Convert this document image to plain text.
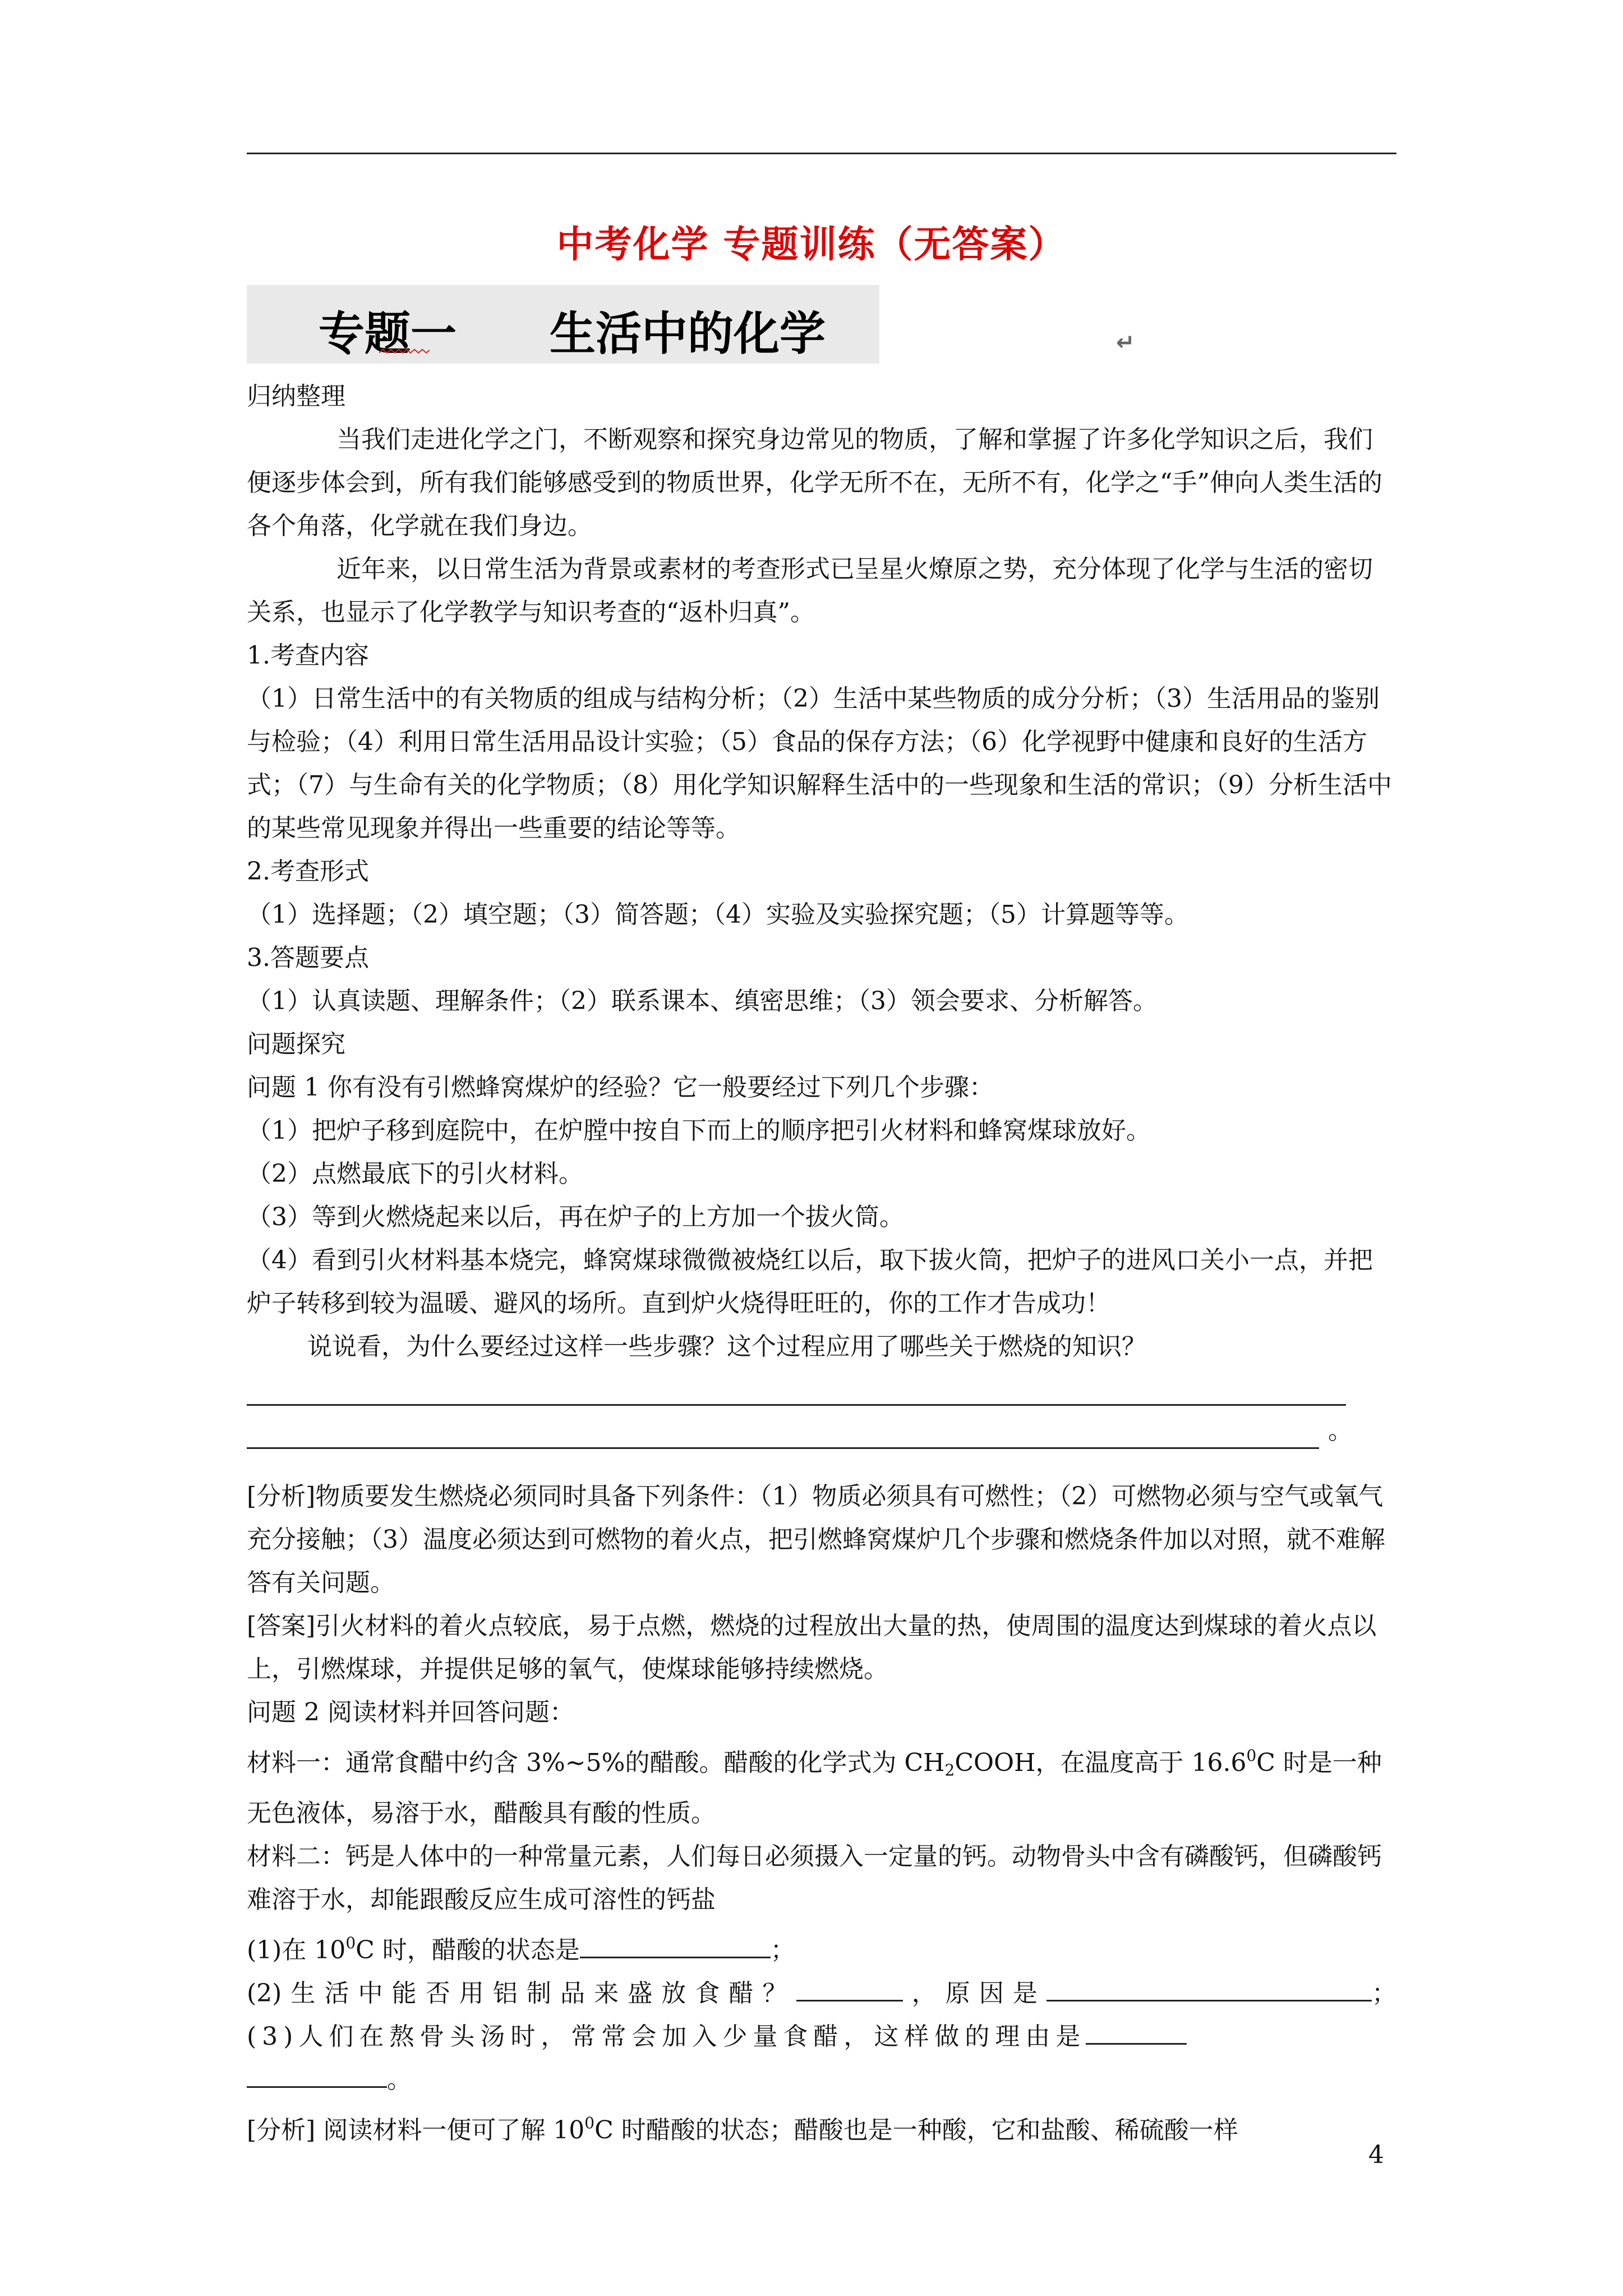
中考化学 专题训练（无答案）
专题一 生活中的化学	↵

归纳整理

当我们走进化学之门，不断观察和探究身边常见的物质，了解和掌握了许多化学知识之后，我们便逐步体会到，所有我们能够感受到的物质世界，化学无所不在，无所不有，化学之“手”伸向人类生活的各个角落，化学就在我们身边。

近年来，以日常生活为背景或素材的考查形式已呈星火燎原之势，充分体现了化学与生活的密切关系，也显示了化学教学与知识考查的“返朴归真”。

1.考查内容

（1）日常生活中的有关物质的组成与结构分析；（2）生活中某些物质的成分分析；（3）生活用品的鉴别与检验；（4）利用日常生活用品设计实验；（5）食品的保存方法；（6）化学视野中健康和良好的生活方式；（7）与生命有关的化学物质；（8）用化学知识解释生活中的一些现象和生活的常识；（9）分析生活中的某些常见现象并得出一些重要的结论等等。

2.考查形式

（1）选择题；（2）填空题；（3）简答题；（4）实验及实验探究题；（5）计算题等等。

3.答题要点

（1）认真读题、理解条件；（2）联系课本、缜密思维；（3）领会要求、分析解答。

问题探究

问题 1 你有没有引燃蜂窝煤炉的经验？它一般要经过下列几个步骤：

（1）把炉子移到庭院中，在炉膛中按自下而上的顺序把引火材料和蜂窝煤球放好。

（2）点燃最底下的引火材料。

（3）等到火燃烧起来以后，再在炉子的上方加一个拔火筒。

（4）看到引火材料基本烧完，蜂窝煤球微微被烧红以后，取下拔火筒，把炉子的进风口关小一点，并把炉子转移到较为温暖、避风的场所。直到炉火烧得旺旺的，你的工作才告成功！

说说看，为什么要经过这样一些步骤？这个过程应用了哪些关于燃烧的知识？

。

[分析]物质要发生燃烧必须同时具备下列条件：（1）物质必须具有可燃性；（2）可燃物必须与空气或氧气充分接触；（3）温度必须达到可燃物的着火点，把引燃蜂窝煤炉几个步骤和燃烧条件加以对照，就不难解答有关问题。

[答案]引火材料的着火点较底，易于点燃，燃烧的过程放出大量的热，使周围的温度达到煤球的着火点以上，引燃煤球，并提供足够的氧气，使煤球能够持续燃烧。

问题 2 阅读材料并回答问题：

材料一：通常食醋中约含 3%~5%的醋酸。醋酸的化学式为 $CH_2COOH$，在温度高于 16.6$^0$C 时是一种无色液体，易溶于水，醋酸具有酸的性质。

材料二：钙是人体中的一种常量元素，人们每日必须摄入一定量的钙。动物骨头中含有磷酸钙，但磷酸钙难溶于水，却能跟酸反应生成可溶性的钙盐

(1)在 $10^0C$ 时，醋酸的状态是	；

(2)生活中能否用铝制品来盛放食醋？	，原因是	；

(3)人们在熬骨头汤时，常常会加入少量食醋，这样做的理由是

。

[分析] 阅读材料一便可了解 $10^0C$ 时醋酸的状态；醋酸也是一种酸，它和盐酸、稀硫酸一样

4
